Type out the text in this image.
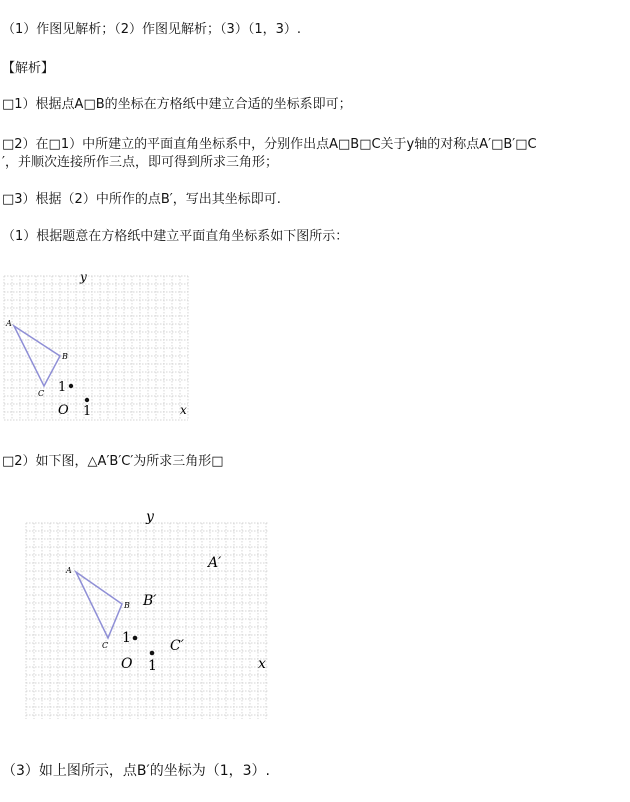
（1）作图见解析；（2）作图见解析；（3）（1，3）.
【解析】
□1）根据点A□B的坐标在方格纸中建立合适的坐标系即可；
□2）在□1）中所建立的平面直角坐标系中，分别作出点A□B□C关于y轴的对称点A′□B′□C
′，并顺次连接所作三点，即可得到所求三角形；
□3）根据（2）中所作的点B′，写出其坐标即可.
（1）根据题意在方格纸中建立平面直角坐标系如下图所示：
A
B
C
y
x
O
1
1
□2）如下图，△A′B′C′为所求三角形□
A
B
C
A′
B′
C′
y
x
O
1
1
（3）如上图所示，点B′的坐标为（1，3）.
